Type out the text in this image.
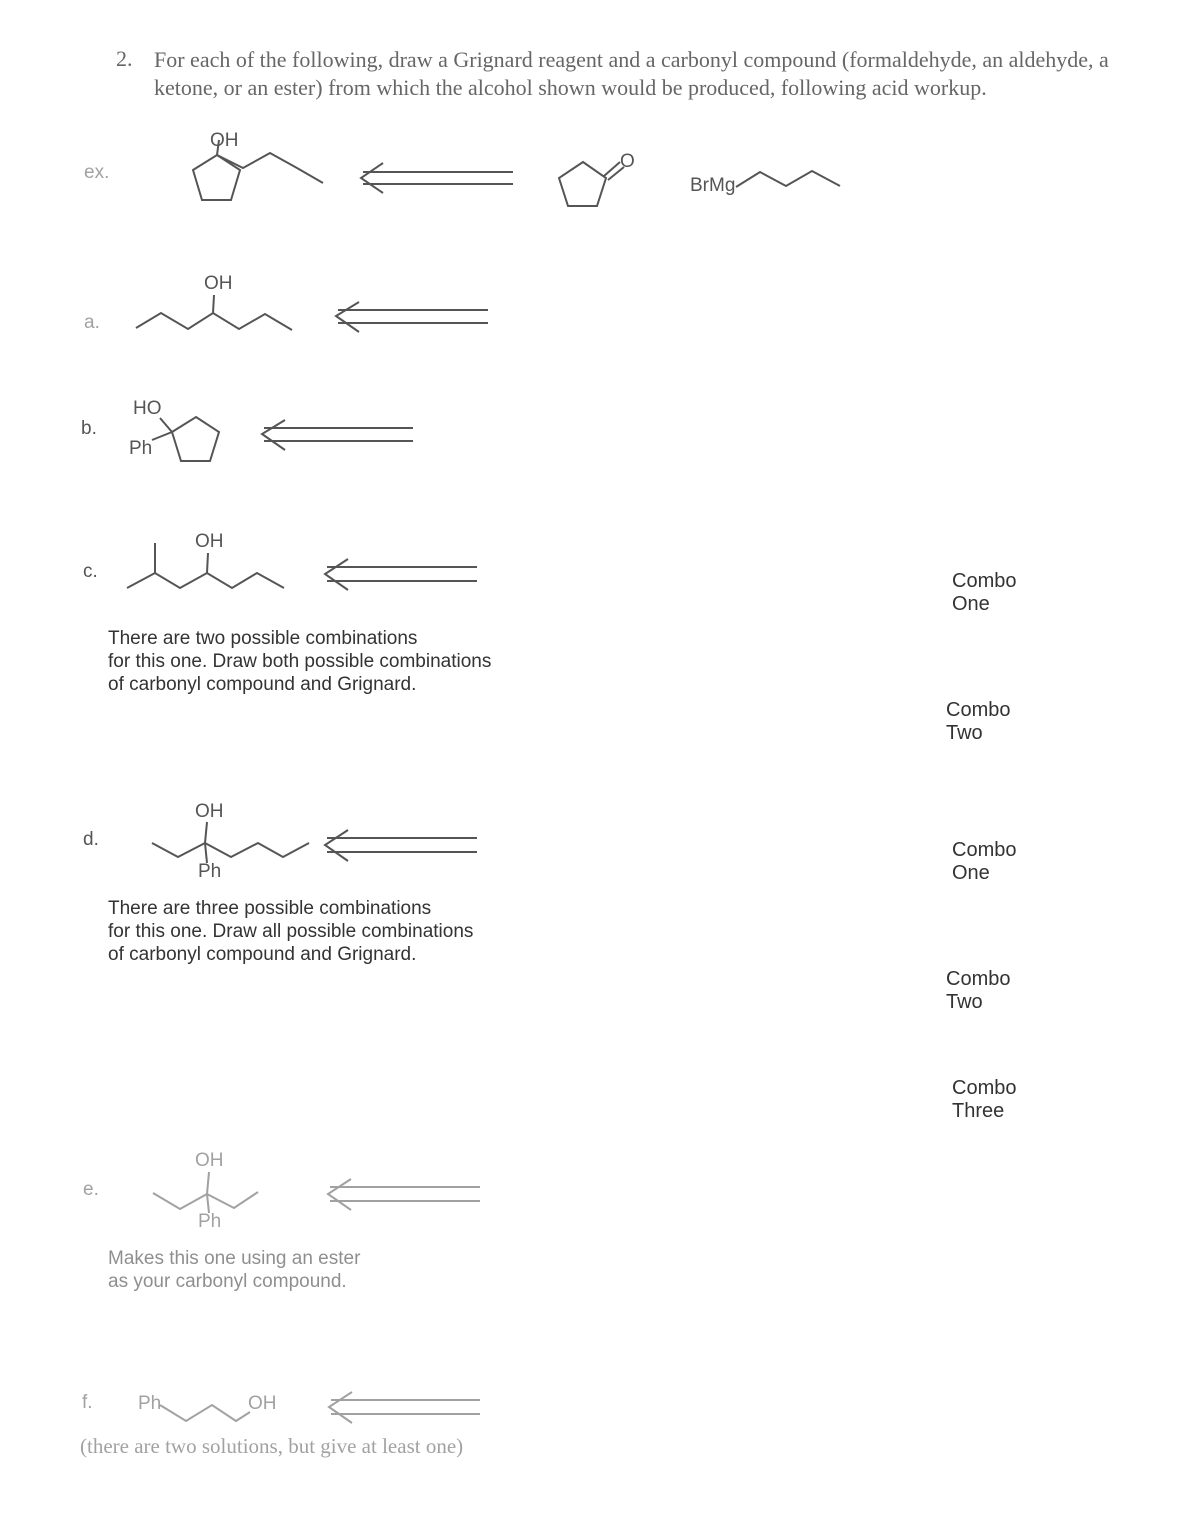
2. For each of the following, draw a Grignard reagent and a carbonyl compound (formaldehyde, an aldehyde, a ketone, or an ester) from which the alcohol shown would be produced, following acid workup.
ex.
OH
O
BrMg
a.
OH
b.
HO
Ph
c.
OH
There are two possible combinations
for this one. Draw both possible combinations
of carbonyl compound and Grignard.
Combo
One
Combo
Two
d.
OH
Ph
There are three possible combinations
for this one. Draw all possible combinations
of carbonyl compound and Grignard.
Combo
One
Combo
Two
Combo
Three
e.
OH
Ph
Makes this one using an ester
as your carbonyl compound.
f. Ph	OH
(there are two solutions, but give at least one)
